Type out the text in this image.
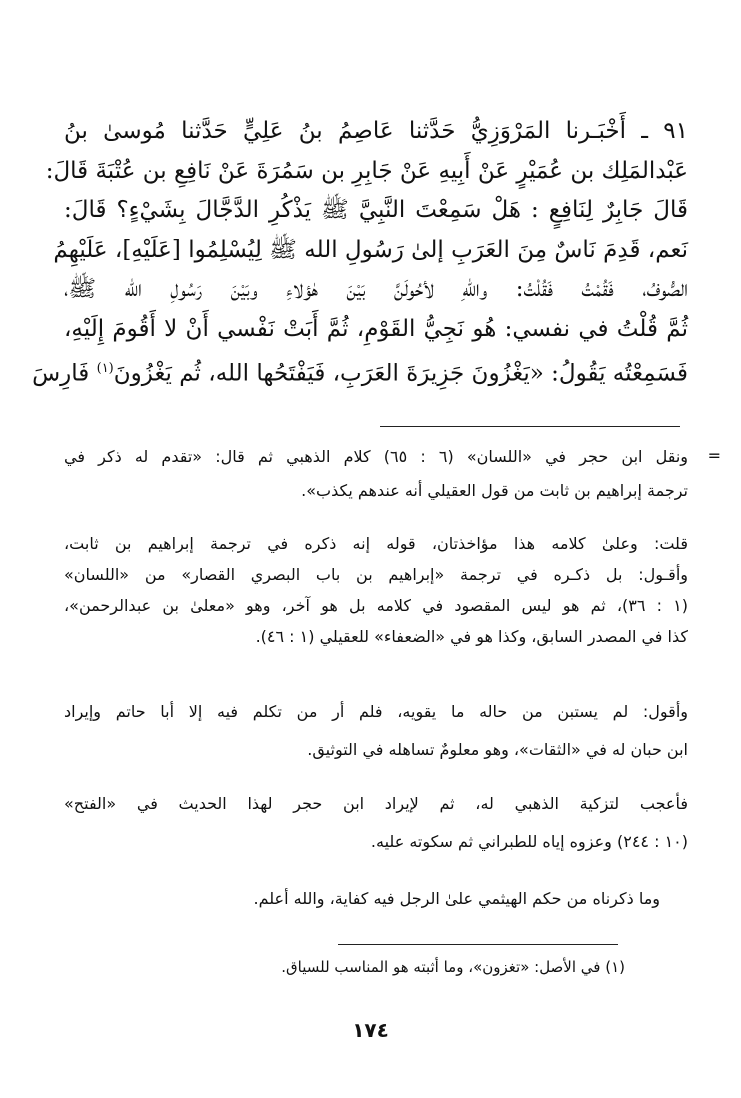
٩١ ـ أَخْبَـرنا المَرْوَزِيُّ حَدَّثنا عَاصِمُ بنُ عَلِيٍّ حَدَّثنا مُوسىٰ بنُ

عَبْدالمَلِك بن عُمَيْرٍ عَنْ أَبِيهِ عَنْ جَابِرِ بن سَمُرَةَ عَنْ نَافِعِ بن عُتْبَةَ قَالَ:

قَالَ جَابِرٌ لِنَافِعٍ : هَلْ سَمِعْتَ النَّبِيَّ ﷺ يَذْكُرِ الدَّجَّالَ بِشَيْءٍ؟ قَالَ:

نَعم، قَدِمَ نَاسٌ مِنَ العَرَبِ إلىٰ رَسُولِ الله ﷺ لِيُسْلِمُوا [عَلَيْهِ]، عَلَيْهِمُ

الصُّوفُ، فَقُمْتُ فَقُلْتُ: واللهِ لأحُولَنَّ بَيْنَ هٰؤلاءِ وبَيْنَ رَسُولِ الله ﷺ،

ثُمَّ قُلْتُ في نفسي: هُو نَجِيُّ القَوْمِ، ثُمَّ أَبَتْ نَفْسي أَنْ لا أَقُومَ إِلَيْهِ،

فَسَمِعْتُه يَقُولُ: «يَغْزُونَ جَزِيرَةَ العَرَبِ، فَيَفْتَحُها الله، ثُم يَغْزُونَ$^{(١)}$ فَارِسَ

=

ونقل ابن حجر في «اللسان» (٦ : ٦٥) كلام الذهبي ثم قال: «تقدم له ذكر في

ترجمة إبراهيم بن ثابت من قول العقيلي أنه عندهم يكذب».

قلت: وعلىٰ كلامه هذا مؤاخذتان، قوله إنه ذكره في ترجمة إبراهيم بن ثابت،

وأقـول: بل ذكـره في ترجمة «إبراهيم بن باب البصري القصار» من «اللسان»

(١ : ٣٦)، ثم هو ليس المقصود في كلامه بل هو آخر، وهو «معلىٰ بن عبدالرحمن»،

كذا في المصدر السابق، وكذا هو في «الضعفاء» للعقيلي (١ : ٤٦).

وأقول: لم يستبن من حاله ما يقويه، فلم أر من تكلم فيه إلا أبا حاتم وإيراد

ابن حبان له في «الثقات»، وهو معلومٌ تساهله في التوثيق.

فأعجب لتزكية الذهبي له، ثم لإيراد ابن حجر لهذا الحديث في «الفتح»

(١٠ : ٢٤٤) وعزوه إياه للطبراني ثم سكوته عليه.

وما ذكرناه من حكم الهيثمي علىٰ الرجل فيه كفاية، والله أعلم.

(١) في الأصل: «تغزون»، وما أثبته هو المناسب للسياق.
١٧٤
